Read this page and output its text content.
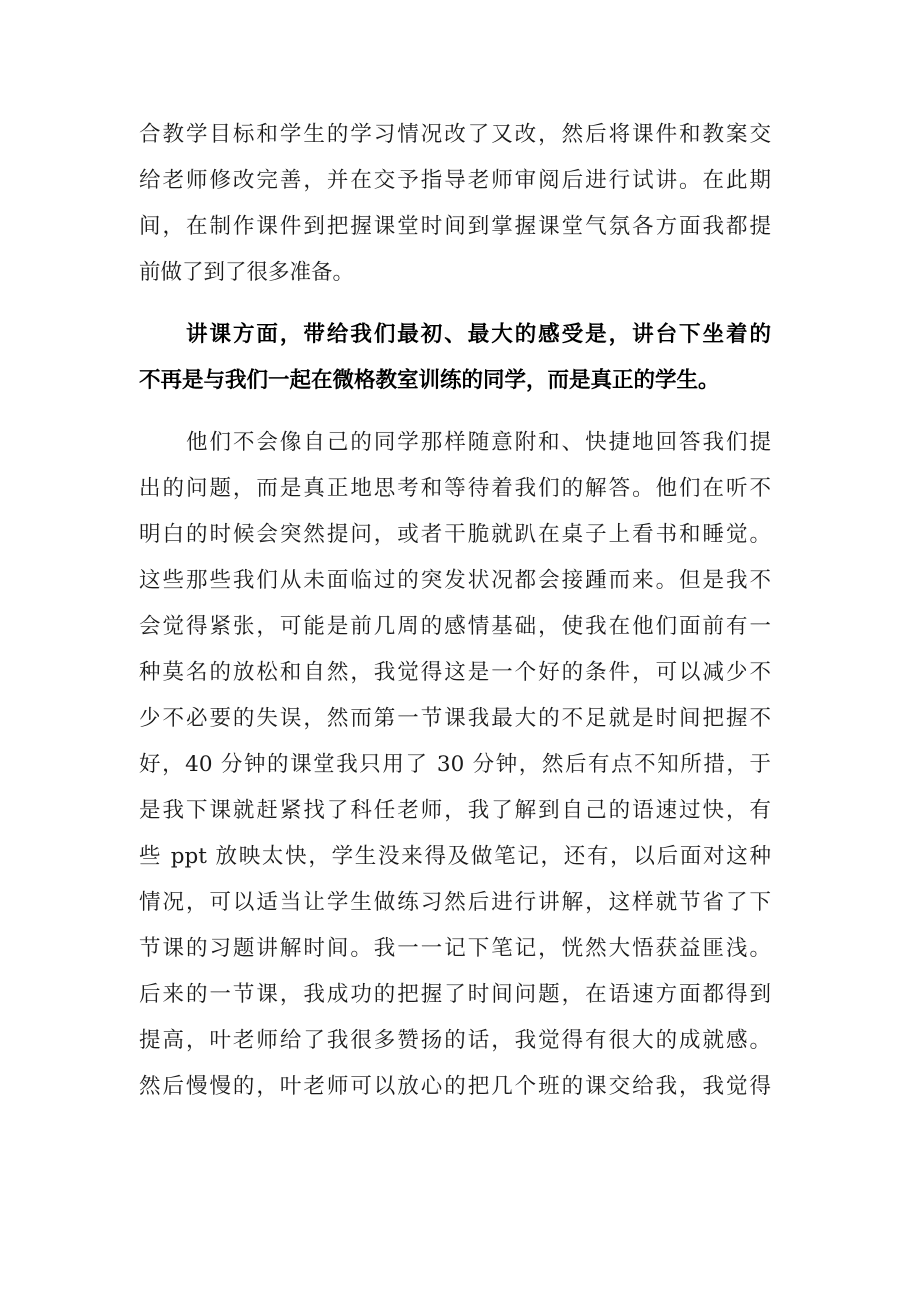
合教学目标和学生的学习情况改了又改，然后将课件和教案交
给老师修改完善，并在交予指导老师审阅后进行试讲。在此期
间，在制作课件到把握课堂时间到掌握课堂气氛各方面我都提
前做了到了很多准备。
讲课方面，带给我们最初、最大的感受是，讲台下坐着的
不再是与我们一起在微格教室训练的同学，而是真正的学生。
他们不会像自己的同学那样随意附和、快捷地回答我们提
出的问题，而是真正地思考和等待着我们的解答。他们在听不
明白的时候会突然提问，或者干脆就趴在桌子上看书和睡觉。
这些那些我们从未面临过的突发状况都会接踵而来。但是我不
会觉得紧张，可能是前几周的感情基础，使我在他们面前有一
种莫名的放松和自然，我觉得这是一个好的条件，可以减少不
少不必要的失误，然而第一节课我最大的不足就是时间把握不
好，40 分钟的课堂我只用了 30 分钟，然后有点不知所措，于
是我下课就赶紧找了科任老师，我了解到自己的语速过快，有
些 ppt 放映太快，学生没来得及做笔记，还有，以后面对这种
情况，可以适当让学生做练习然后进行讲解，这样就节省了下
节课的习题讲解时间。我一一记下笔记，恍然大悟获益匪浅。
后来的一节课，我成功的把握了时间问题，在语速方面都得到
提高，叶老师给了我很多赞扬的话，我觉得有很大的成就感。
然后慢慢的，叶老师可以放心的把几个班的课交给我，我觉得
